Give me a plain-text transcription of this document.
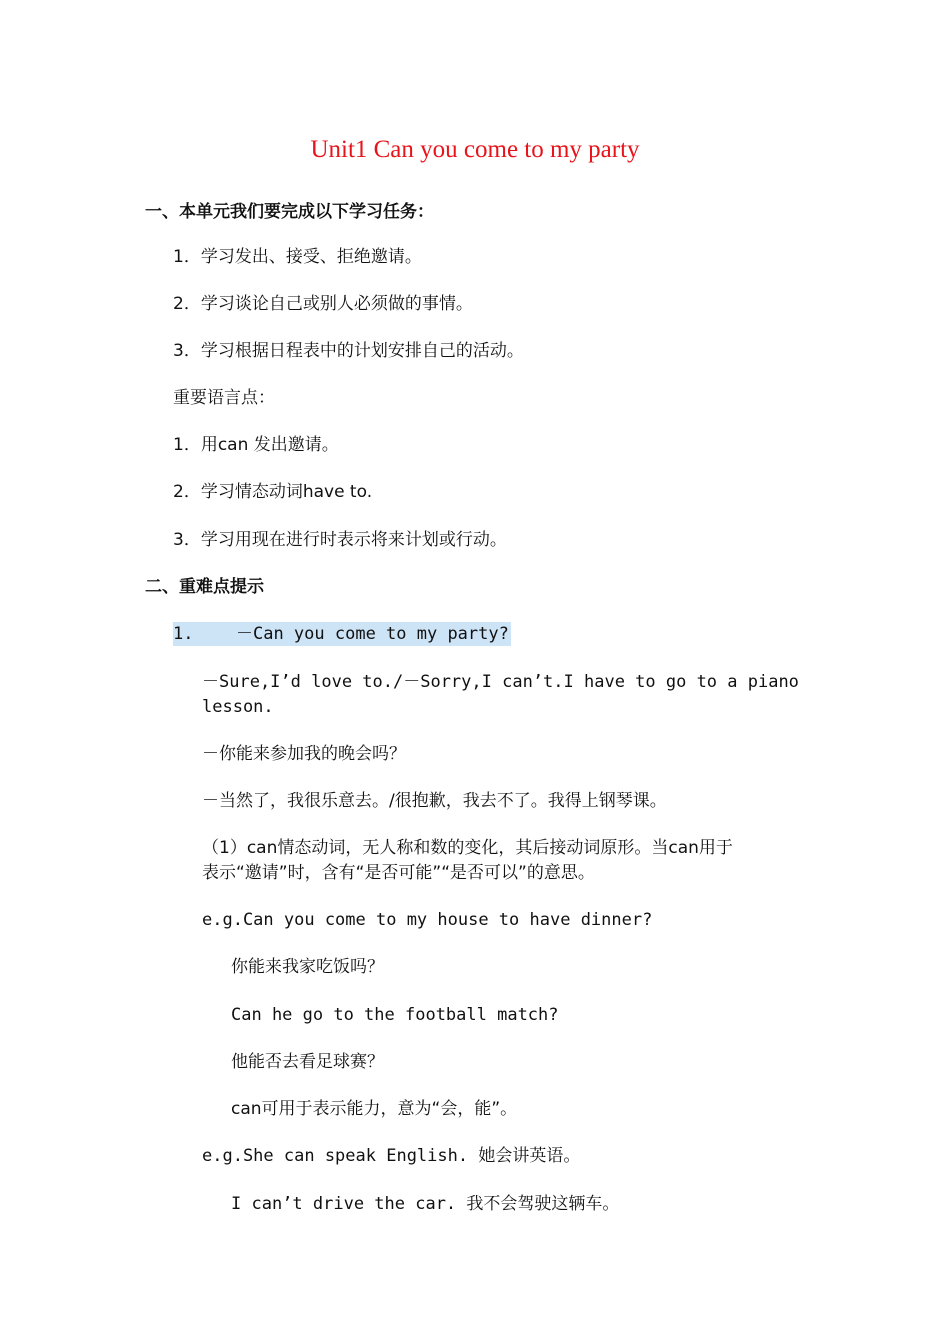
Unit1 Can you come to my party
一、本单元我们要完成以下学习任务：
1．学习发出、接受、拒绝邀请。
2．学习谈论自己或别人必须做的事情。
3．学习根据日程表中的计划安排自己的活动。
重要语言点：
1．用can 发出邀请。
2．学习情态动词have to.
3．学习用现在进行时表示将来计划或行动。
二、重难点提示
1.	－Can you come to my party?
－Sure,I’d love to./－Sorry,I can’t.I have to go to a piano
lesson.
－你能来参加我的晚会吗？
－当然了，我很乐意去。/很抱歉，我去不了。我得上钢琴课。
（1）can情态动词，无人称和数的变化，其后接动词原形。当can用于
表示“邀请”时，含有“是否可能”“是否可以”的意思。
e.g.Can you come to my house to have dinner?
你能来我家吃饭吗？
Can he go to the football match?
他能否去看足球赛？
can可用于表示能力，意为“会，能”。
e.g.She can speak English. 她会讲英语。
I can’t drive the car. 我不会驾驶这辆车。
